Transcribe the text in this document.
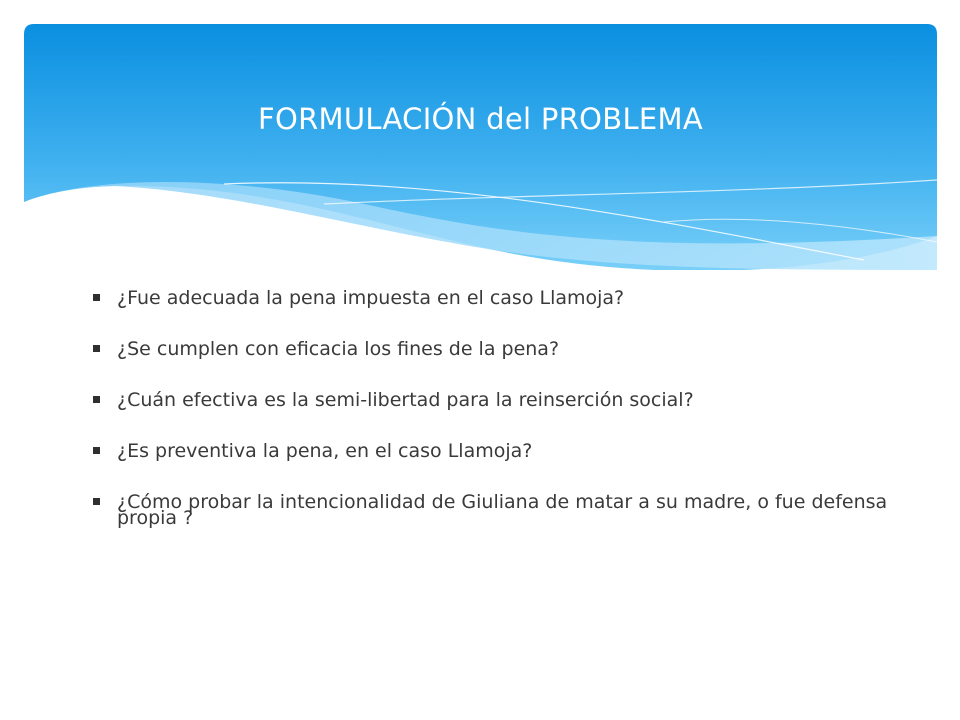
FORMULACIÓN del PROBLEMA
¿Fue adecuada la pena impuesta en el caso Llamoja?
¿Se cumplen con eficacia los fines de la pena?
¿Cuán efectiva es la semi-libertad para la reinserción social?
¿Es preventiva la pena, en el caso Llamoja?
¿Cómo probar la intencionalidad de Giuliana de matar a su madre, o fue defensa propia ?
